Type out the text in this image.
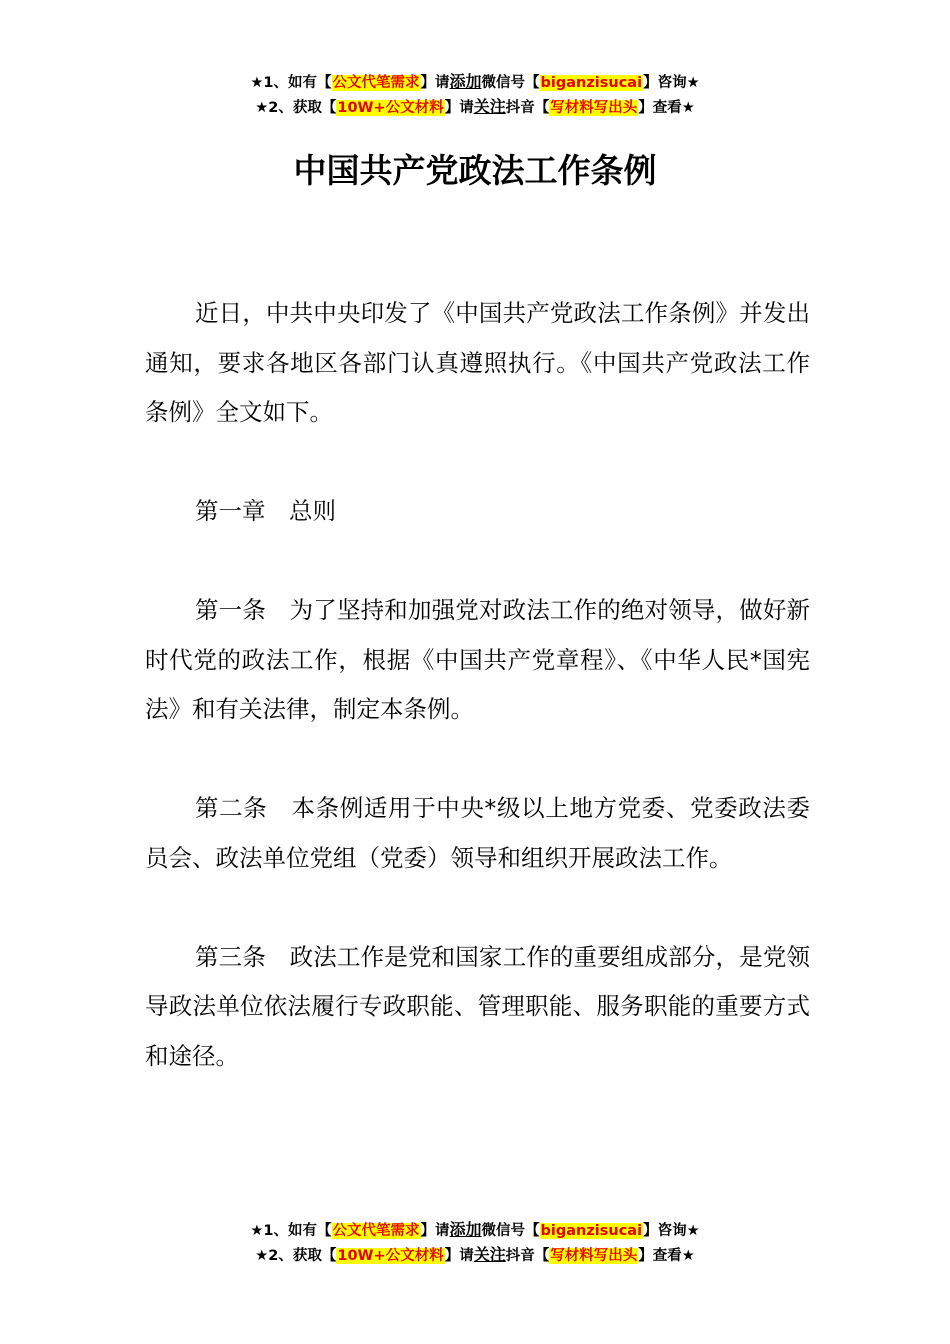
★1、如有【公文代笔需求】请添加微信号【biganzisucai】咨询★
★2、获取【10W+公文材料】请关注抖音【写材料写出头】查看★
中国共产党政法工作条例

近日，中共中央印发了《中国共产党政法工作条例》并发出通知，要求各地区各部门认真遵照执行。《中国共产党政法工作条例》全文如下。

第一章　总则

第一条　为了坚持和加强党对政法工作的绝对领导，做好新时代党的政法工作，根据《中国共产党章程》、《中华人民*国宪法》和有关法律，制定本条例。

第二条　本条例适用于中央*级以上地方党委、党委政法委员会、政法单位党组（党委）领导和组织开展政法工作。

第三条　政法工作是党和国家工作的重要组成部分，是党领导政法单位依法履行专政职能、管理职能、服务职能的重要方式和途径。

★1、如有【公文代笔需求】请添加微信号【biganzisucai】咨询★
★2、获取【10W+公文材料】请关注抖音【写材料写出头】查看★
